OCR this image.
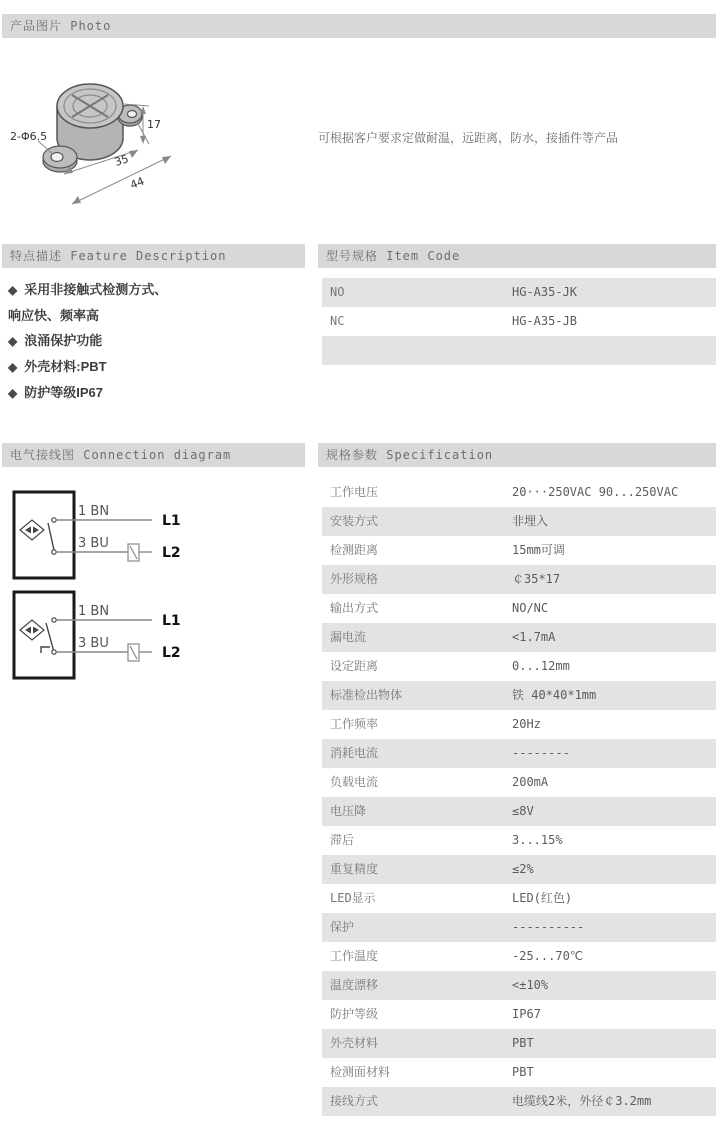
产品图片 Photo
17
35
44
2-Φ6.5	可根据客户要求定做耐温，远距离，防水，接插件等产品
特点描述 Feature Description	型号规格 Item Code
◆ 采用非接触式检测方式、
响应快、频率高
◆ 浪涌保护功能
◆ 外壳材料:PBT
◆ 防护等级IP67
NO	HG-A35-JK
NC	HG-A35-JB
电气接线图 Connection diagram	规格参数 Specification
1 BN
3 BU
L1
L2
1 BN
3 BU
L1
L2
工作电压	20···250VAC 90...250VAC
安装方式	非埋入
检测距离	15mm可调
外形规格	￠35*17
输出方式	NO/NC
漏电流	<1.7mA
设定距离	0...12mm
标准检出物体	铁 40*40*1mm
工作频率	20Hz
消耗电流	--------
负载电流	200mA
电压降	≤8V
滞后	3...15%
重复精度	≤2%
LED显示	LED(红色)
保护	----------
工作温度	-25...70℃
温度漂移	<±10%
防护等级	IP67
外壳材料	PBT
检测面材料	PBT
接线方式	电缆线2米，外径￠3.2mm
